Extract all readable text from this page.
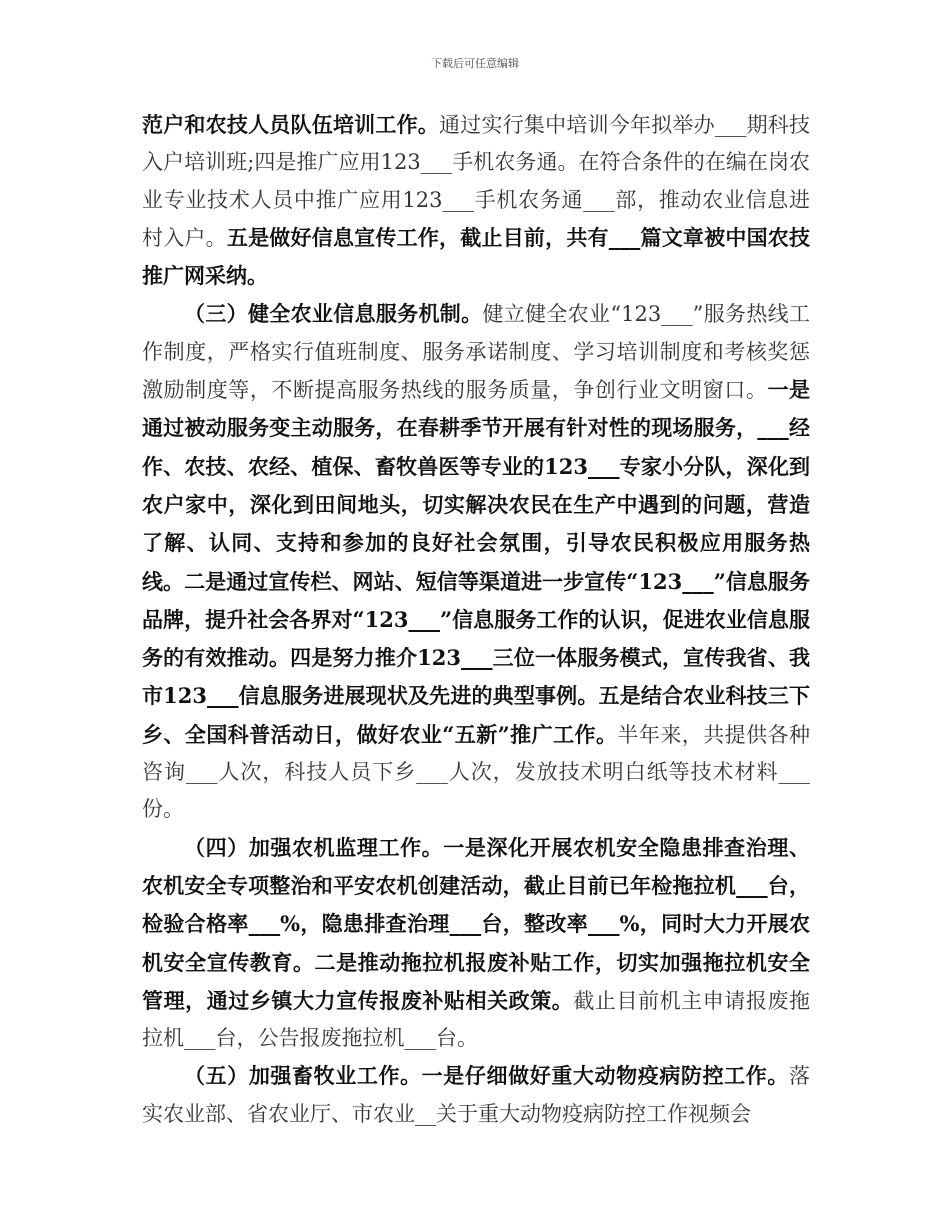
下载后可任意编辑

范户和农技人员队伍培训工作。通过实行集中培训今年拟举办___期科技入户培训班;四是推广应用123___手机农务通。在符合条件的在编在岗农业专业技术人员中推广应用123___手机农务通___部，推动农业信息进村入户。五是做好信息宣传工作，截止目前，共有___篇文章被中国农技推广网采纳。

（三）健全农业信息服务机制。健立健全农业“123___”服务热线工作制度，严格实行值班制度、服务承诺制度、学习培训制度和考核奖惩激励制度等，不断提高服务热线的服务质量，争创行业文明窗口。一是通过被动服务变主动服务，在春耕季节开展有针对性的现场服务，___经作、农技、农经、植保、畜牧兽医等专业的123___专家小分队，深化到农户家中，深化到田间地头，切实解决农民在生产中遇到的问题，营造了解、认同、支持和参加的良好社会氛围，引导农民积极应用服务热线。二是通过宣传栏、网站、短信等渠道进一步宣传“123___”信息服务品牌，提升社会各界对“123___”信息服务工作的认识，促进农业信息服务的有效推动。四是努力推介123___三位一体服务模式，宣传我省、我市123___信息服务进展现状及先进的典型事例。五是结合农业科技三下乡、全国科普活动日，做好农业“五新”推广工作。半年来，共提供各种咨询___人次，科技人员下乡___人次，发放技术明白纸等技术材料___份。

（四）加强农机监理工作。一是深化开展农机安全隐患排查治理、农机安全专项整治和平安农机创建活动，截止目前已年检拖拉机___台，检验合格率___%，隐患排查治理___台，整改率___%，同时大力开展农机安全宣传教育。二是推动拖拉机报废补贴工作，切实加强拖拉机安全管理，通过乡镇大力宣传报废补贴相关政策。截止目前机主申请报废拖拉机___台，公告报废拖拉机___台。

（五）加强畜牧业工作。一是仔细做好重大动物疫病防控工作。落实农业部、省农业厅、市农业__关于重大动物疫病防控工作视频会
